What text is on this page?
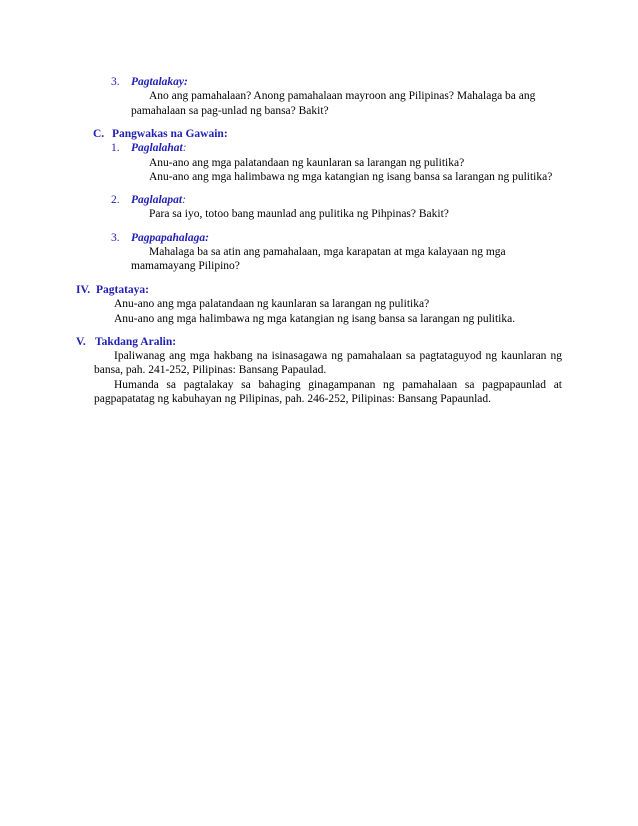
3. Pagtalakay:
Ano ang pamahalaan? Anong pamahalaan mayroon ang Pilipinas? Mahalaga ba ang
pamahalaan sa pag-unlad ng bansa? Bakit?
C. Pangwakas na Gawain:
1. Paglalahat:
Anu-ano ang mga palatandaan ng kaunlaran sa larangan ng pulitika?
Anu-ano ang mga halimbawa ng mga katangian ng isang bansa sa larangan ng pulitika?
2. Paglalapat:
Para sa iyo, totoo bang maunlad ang pulitika ng Pihpinas? Bakit?
3. Pagpapahalaga:
Mahalaga ba sa atin ang pamahalaan, mga karapatan at mga kalayaan ng mga
mamamayang Pilipino?
IV. Pagtataya:
Anu-ano ang mga palatandaan ng kaunlaran sa larangan ng pulitika?
Anu-ano ang mga halimbawa ng mga katangian ng isang bansa sa larangan ng pulitika.
V. Takdang Aralin:
Ipaliwanag ang mga hakbang na isinasagawa ng pamahalaan sa pagtataguyod ng kaunlaran ng
bansa, pah. 241-252, Pilipinas: Bansang Papaulad.
Humanda sa pagtalakay sa bahaging ginagampanan ng pamahalaan sa pagpapaunlad at
pagpapatatag ng kabuhayan ng Pilipinas, pah. 246-252, Pilipinas: Bansang Papaunlad.
